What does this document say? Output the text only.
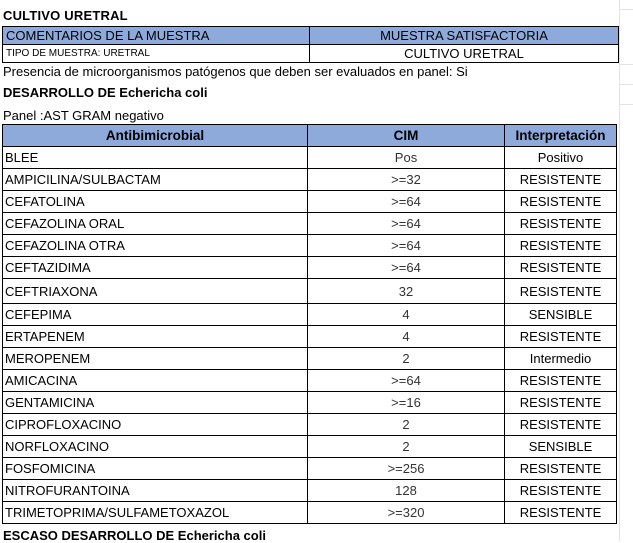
CULTIVO URETRAL
COMENTARIOS DE LA MUESTRA	MUESTRA SATISFACTORIA
TIPO DE MUESTRA: URETRAL	CULTIVO URETRAL
Presencia de microorganismos patógenos que deben ser evaluados en panel: Si
DESARROLLO DE Echericha coli
Panel :AST GRAM negativo
Antibimicrobial	CIM	Interpretación
BLEE	Pos	Positivo
AMPICILINA/SULBACTAM	>=32	RESISTENTE
CEFATOLINA	>=64	RESISTENTE
CEFAZOLINA ORAL	>=64	RESISTENTE
CEFAZOLINA OTRA	>=64	RESISTENTE
CEFTAZIDIMA	>=64	RESISTENTE
CEFTRIAXONA	32	RESISTENTE
CEFEPIMA	4	SENSIBLE
ERTAPENEM	4	RESISTENTE
MEROPENEM	2	Intermedio
AMICACINA	>=64	RESISTENTE
GENTAMICINA	>=16	RESISTENTE
CIPROFLOXACINO	2	RESISTENTE
NORFLOXACINO	2	SENSIBLE
FOSFOMICINA	>=256	RESISTENTE
NITROFURANTOINA	128	RESISTENTE
TRIMETOPRIMA/SULFAMETOXAZOL	>=320	RESISTENTE
ESCASO DESARROLLO DE Echericha coli
